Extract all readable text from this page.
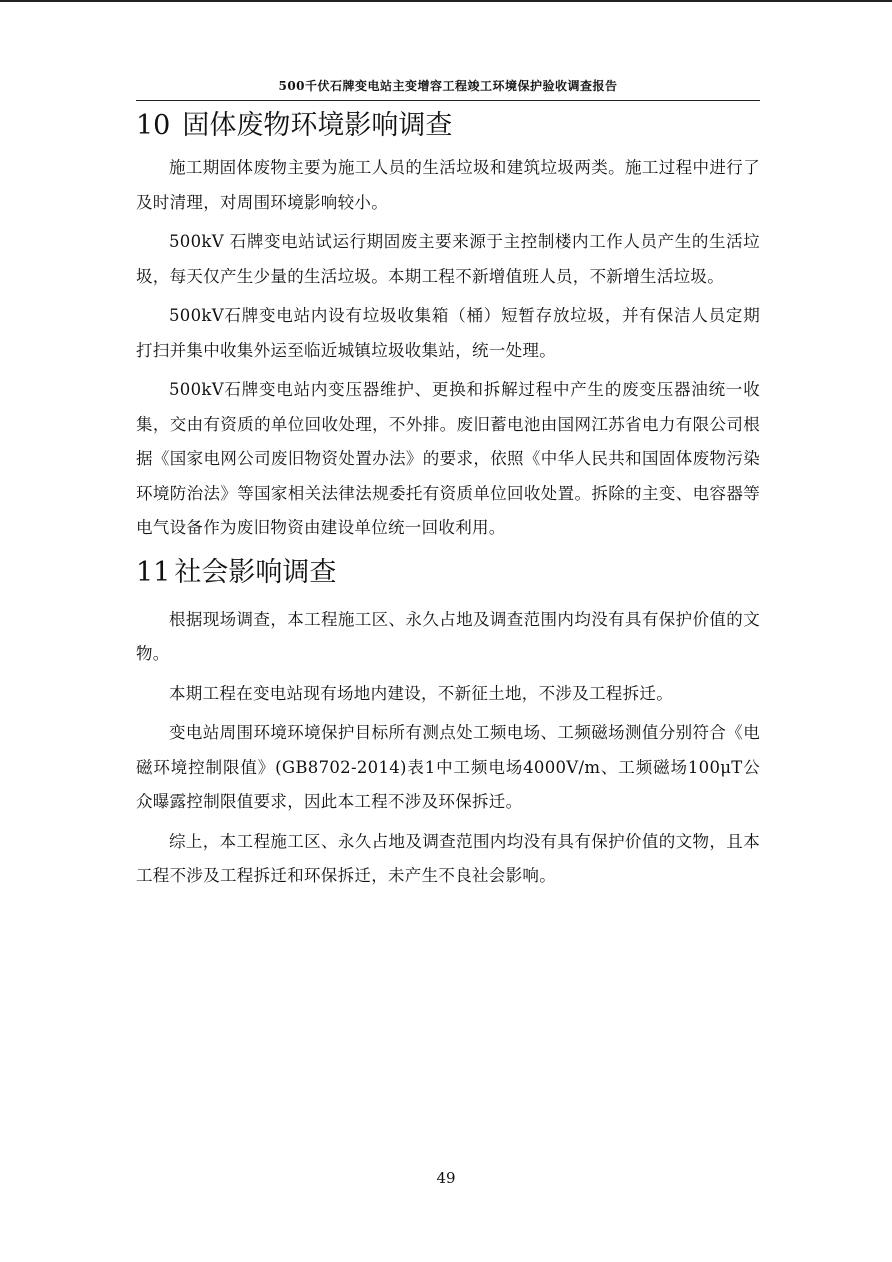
500千伏石牌变电站主变增容工程竣工环境保护验收调查报告
10 固体废物环境影响调查

施工期固体废物主要为施工人员的生活垃圾和建筑垃圾两类。施工过程中进行了及时清理，对周围环境影响较小。

500kV 石牌变电站试运行期固废主要来源于主控制楼内工作人员产生的生活垃圾，每天仅产生少量的生活垃圾。本期工程不新增值班人员，不新增生活垃圾。

500kV石牌变电站内设有垃圾收集箱（桶）短暂存放垃圾，并有保洁人员定期打扫并集中收集外运至临近城镇垃圾收集站，统一处理。

500kV石牌变电站内变压器维护、更换和拆解过程中产生的废变压器油统一收集，交由有资质的单位回收处理，不外排。废旧蓄电池由国网江苏省电力有限公司根据《国家电网公司废旧物资处置办法》的要求，依照《中华人民共和国固体废物污染环境防治法》等国家相关法律法规委托有资质单位回收处置。拆除的主变、电容器等电气设备作为废旧物资由建设单位统一回收利用。

11 社会影响调查

根据现场调查，本工程施工区、永久占地及调查范围内均没有具有保护价值的文物。

本期工程在变电站现有场地内建设，不新征土地，不涉及工程拆迁。

变电站周围环境环境保护目标所有测点处工频电场、工频磁场测值分别符合《电磁环境控制限值》(GB8702-2014)表1中工频电场4000V/m、工频磁场100μT公众曝露控制限值要求，因此本工程不涉及环保拆迁。

综上，本工程施工区、永久占地及调查范围内均没有具有保护价值的文物，且本工程不涉及工程拆迁和环保拆迁，未产生不良社会影响。

49
